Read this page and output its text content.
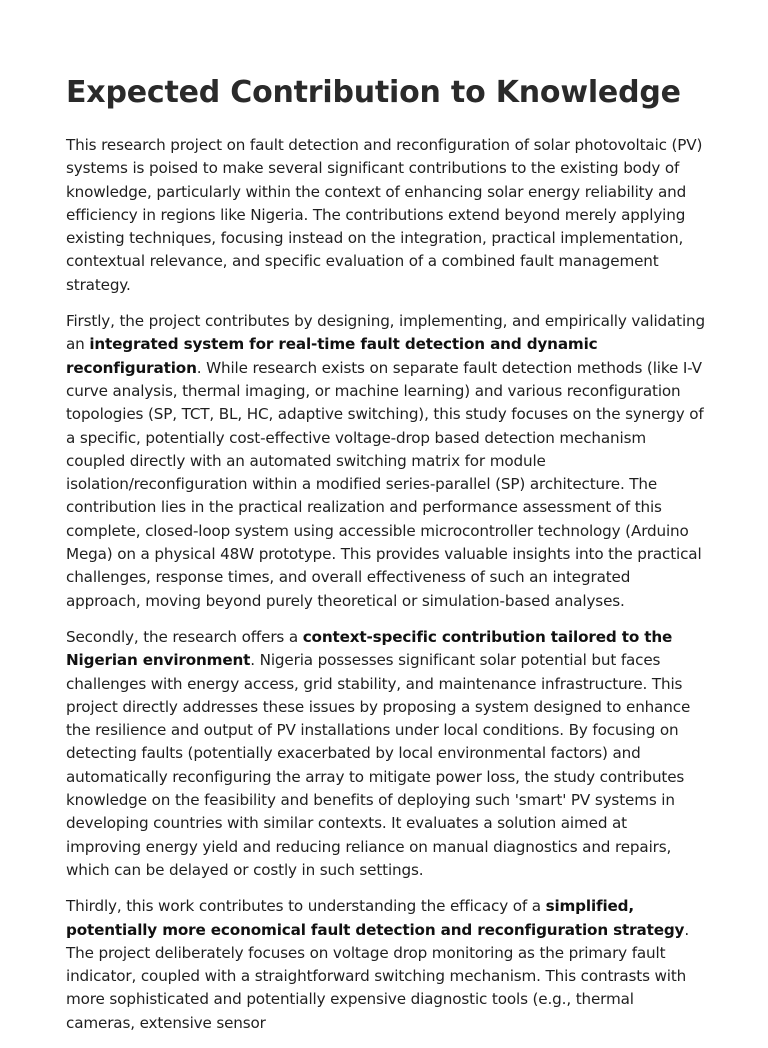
Expected Contribution to Knowledge

This research project on fault detection and reconfiguration of solar photovoltaic (PV) systems is poised to make several significant contributions to the existing body of knowledge, particularly within the context of enhancing solar energy reliability and efficiency in regions like Nigeria. The contributions extend beyond merely applying existing techniques, focusing instead on the integration, practical implementation, contextual relevance, and specific evaluation of a combined fault management strategy.

Firstly, the project contributes by designing, implementing, and empirically validating an integrated system for real-time fault detection and dynamic reconfiguration. While research exists on separate fault detection methods (like I-V curve analysis, thermal imaging, or machine learning) and various reconfiguration topologies (SP, TCT, BL, HC, adaptive switching), this study focuses on the synergy of a specific, potentially cost-effective voltage-drop based detection mechanism coupled directly with an automated switching matrix for module isolation/reconfiguration within a modified series-parallel (SP) architecture. The contribution lies in the practical realization and performance assessment of this complete, closed-loop system using accessible microcontroller technology (Arduino Mega) on a physical 48W prototype. This provides valuable insights into the practical challenges, response times, and overall effectiveness of such an integrated approach, moving beyond purely theoretical or simulation-based analyses.

Secondly, the research offers a context-specific contribution tailored to the Nigerian environment. Nigeria possesses significant solar potential but faces challenges with energy access, grid stability, and maintenance infrastructure. This project directly addresses these issues by proposing a system designed to enhance the resilience and output of PV installations under local conditions. By focusing on detecting faults (potentially exacerbated by local environmental factors) and automatically reconfiguring the array to mitigate power loss, the study contributes knowledge on the feasibility and benefits of deploying such 'smart' PV systems in developing countries with similar contexts. It evaluates a solution aimed at improving energy yield and reducing reliance on manual diagnostics and repairs, which can be delayed or costly in such settings.

Thirdly, this work contributes to understanding the efficacy of a simplified, potentially more economical fault detection and reconfiguration strategy. The project deliberately focuses on voltage drop monitoring as the primary fault indicator, coupled with a straightforward switching mechanism. This contrasts with more sophisticated and potentially expensive diagnostic tools (e.g., thermal cameras, extensive sensor
